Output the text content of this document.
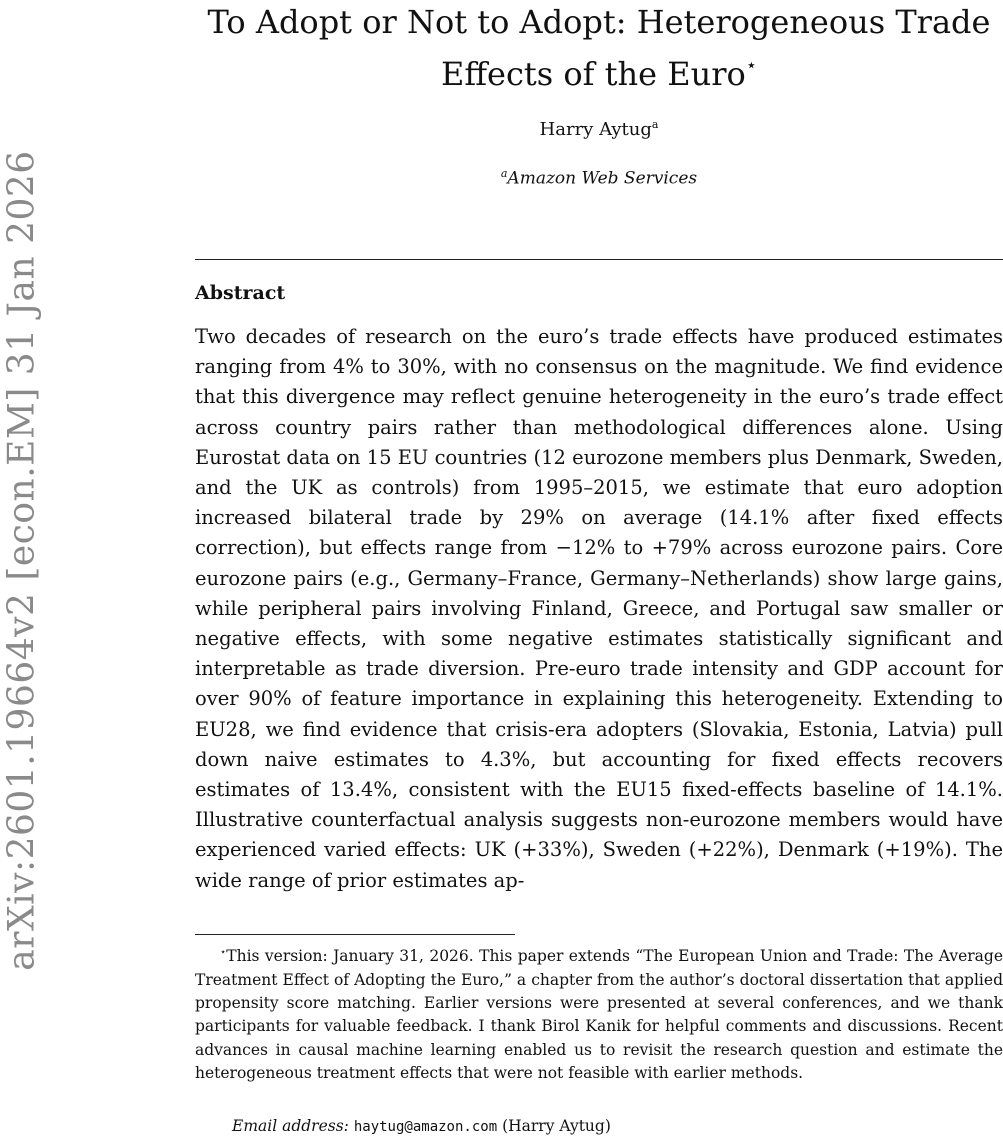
arXiv:2601.19664v2 [econ.EM] 31 Jan 2026
To Adopt or Not to Adopt: Heterogeneous Trade
Effects of the Euro⋆
Harry Aytug$^a$
$^a$Amazon Web Services
Abstract

Two decades of research on the euro’s trade effects have produced estimates ranging from 4% to 30%, with no consensus on the magnitude. We find evidence that this divergence may reflect genuine heterogeneity in the euro’s trade effect across country pairs rather than methodological differences alone. Using Eurostat data on 15 EU countries (12 eurozone members plus Denmark, Sweden, and the UK as controls) from 1995–2015, we estimate that euro adoption increased bilateral trade by 29% on average (14.1% after fixed effects correction), but effects range from −12% to +79% across eurozone pairs. Core eurozone pairs (e.g., Germany–France, Germany–Netherlands) show large gains, while peripheral pairs involving Finland, Greece, and Portugal saw smaller or negative effects, with some negative estimates statistically significant and interpretable as trade diversion. Pre-euro trade intensity and GDP account for over 90% of feature importance in explaining this heterogeneity. Extending to EU28, we find evidence that crisis-era adopters (Slovakia, Estonia, Latvia) pull down naive estimates to 4.3%, but accounting for fixed effects recovers estimates of 13.4%, consistent with the EU15 fixed-effects baseline of 14.1%. Illustrative counterfactual analysis suggests non-eurozone members would have experienced varied effects: UK (+33%), Sweden (+22%), Denmark (+19%). The wide range of prior estimates ap-

⋆This version: January 31, 2026. This paper extends “The European Union and Trade: The Average Treatment Effect of Adopting the Euro,” a chapter from the author’s doctoral dissertation that applied propensity score matching. Earlier versions were presented at several conferences, and we thank participants for valuable feedback. I thank Birol Kanik for helpful comments and discussions. Recent advances in causal machine learning enabled us to revisit the research question and estimate the heterogeneous treatment effects that were not feasible with earlier methods.

Email address: haytug@amazon.com (Harry Aytug)
